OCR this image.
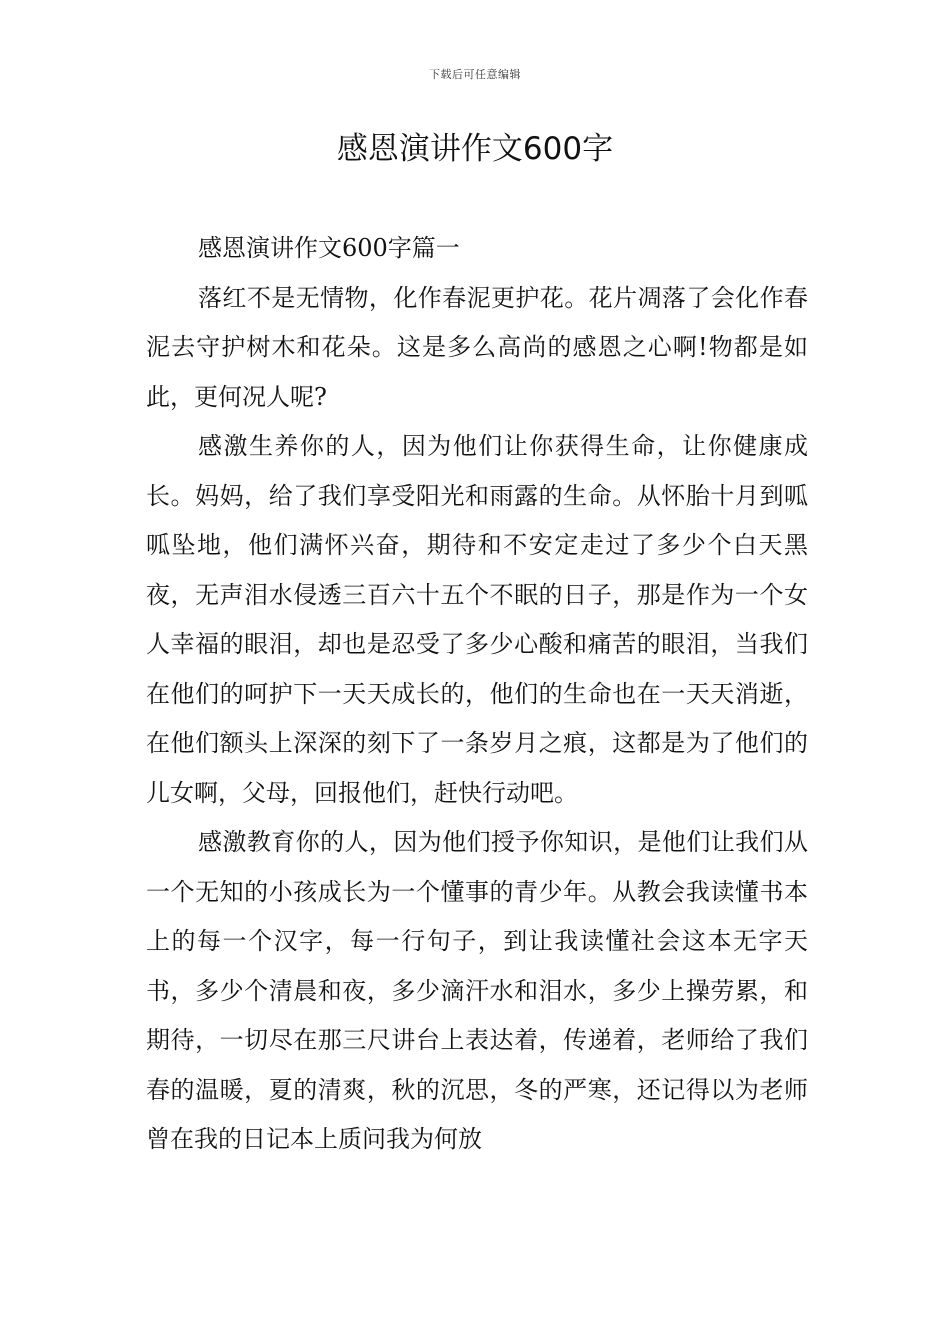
下载后可任意编辑
感恩演讲作文600字

感恩演讲作文600字篇一

落红不是无情物，化作春泥更护花。花片凋落了会化作春泥去守护树木和花朵。这是多么高尚的感恩之心啊!物都是如此，更何况人呢?

感激生养你的人，因为他们让你获得生命，让你健康成长。妈妈，给了我们享受阳光和雨露的生命。从怀胎十月到呱呱坠地，他们满怀兴奋，期待和不安定走过了多少个白天黑夜，无声泪水侵透三百六十五个不眠的日子，那是作为一个女人幸福的眼泪，却也是忍受了多少心酸和痛苦的眼泪，当我们在他们的呵护下一天天成长的，他们的生命也在一天天消逝，在他们额头上深深的刻下了一条岁月之痕，这都是为了他们的儿女啊，父母，回报他们，赶快行动吧。

感激教育你的人，因为他们授予你知识，是他们让我们从一个无知的小孩成长为一个懂事的青少年。从教会我读懂书本上的每一个汉字，每一行句子，到让我读懂社会这本无字天书，多少个清晨和夜，多少滴汗水和泪水，多少上操劳累，和期待，一切尽在那三尺讲台上表达着，传递着，老师给了我们春的温暖，夏的清爽，秋的沉思，冬的严寒，还记得以为老师曾在我的日记本上质问我为何放
